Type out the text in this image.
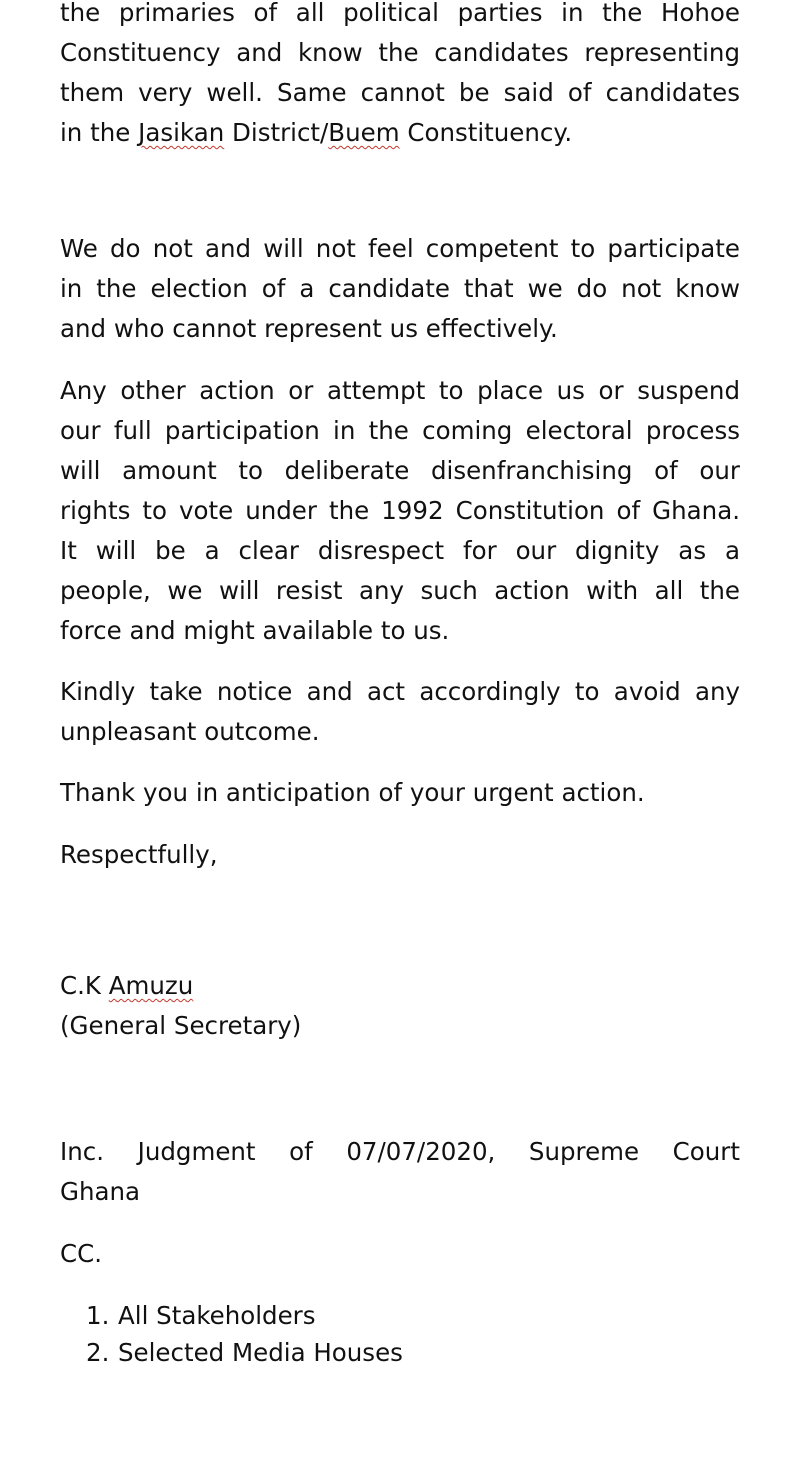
the primaries of all political parties in the Hohoe
Constituency and know the candidates representing
them very well. Same cannot be said of candidates
in the Jasikan District/Buem Constituency.
We do not and will not feel competent to participate
in the election of a candidate that we do not know
and who cannot represent us effectively.
Any other action or attempt to place us or suspend
our full participation in the coming electoral process
will amount to deliberate disenfranchising of our
rights to vote under the 1992 Constitution of Ghana.
It will be a clear disrespect for our dignity as a
people, we will resist any such action with all the
force and might available to us.
Kindly take notice and act accordingly to avoid any
unpleasant outcome.
Thank you in anticipation of your urgent action.
Respectfully,
C.K Amuzu
(General Secretary)
Inc. Judgment of 07/07/2020, Supreme Court
Ghana
CC.
1. All Stakeholders
2. Selected Media Houses
